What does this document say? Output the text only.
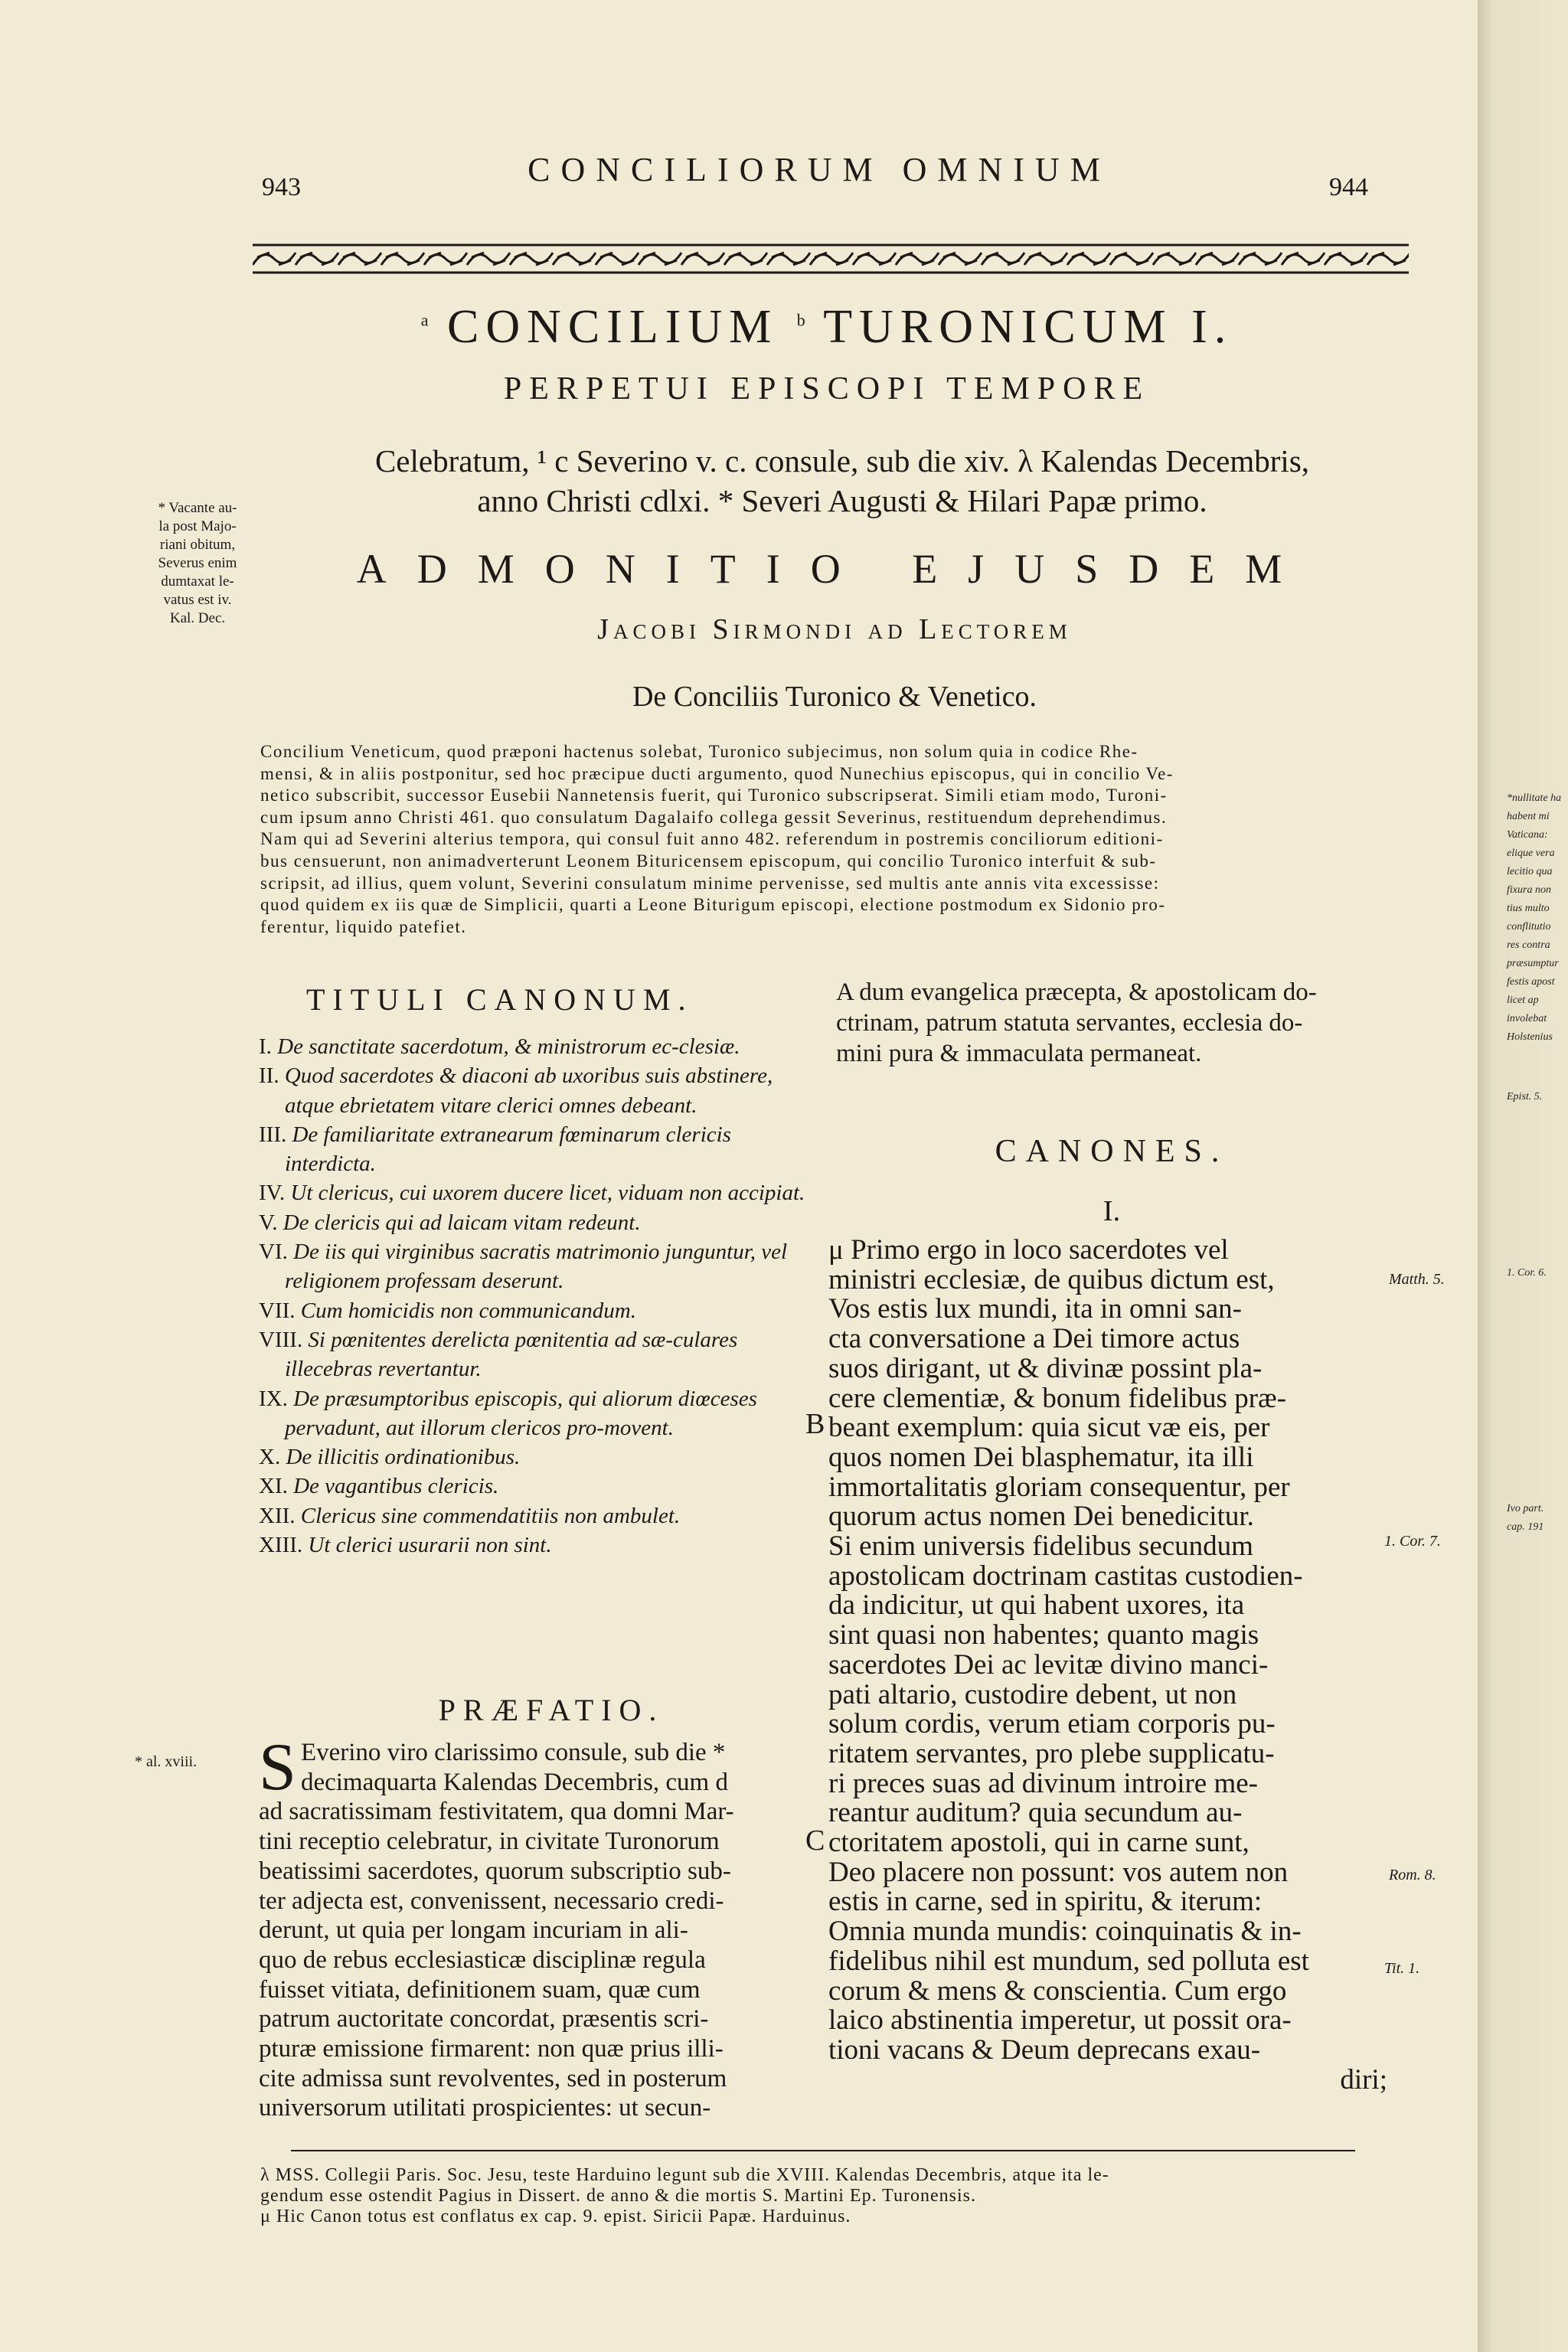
943	CONCILIORUM OMNIUM	944
$^a$ CONCILIUM $^b$ TURONICUM I.
PERPETUI EPISCOPI TEMPORE
Celebratum, ¹ c Severino v. c. consule, sub die xiv. λ Kalendas Decembris,
anno Christi cdlxi. * Severi Augusti & Hilari Papæ primo.
* Vacante au-
la post Majo-
riani obitum,
Severus enim
dumtaxat le-
vatus est iv.
Kal. Dec.
ADMONITIO EJUSDEM
Jacobi Sirmondi ad Lectorem
De Conciliis Turonico & Venetico.
Concilium Veneticum, quod præponi hactenus solebat, Turonico subjecimus, non solum quia in codice Rhe-
mensi, & in aliis postponitur, sed hoc præcipue ducti argumento, quod Nunechius episcopus, qui in concilio Ve-
netico subscribit, successor Eusebii Nannetensis fuerit, qui Turonico subscripserat. Simili etiam modo, Turoni-
cum ipsum anno Christi 461. quo consulatum Dagalaifo collega gessit Severinus, restituendum deprehendimus.
Nam qui ad Severini alterius tempora, qui consul fuit anno 482. referendum in postremis conciliorum editioni-
bus censuerunt, non animadverterunt Leonem Bituricensem episcopum, qui concilio Turonico interfuit & sub-
scripsit, ad illius, quem volunt, Severini consulatum minime pervenisse, sed multis ante annis vita excessisse:
quod quidem ex iis quæ de Simplicii, quarti a Leone Biturigum episcopi, electione postmodum ex Sidonio pro-
ferentur, liquido patefiet.
TITULI CANONUM.
I. De sanctitate sacerdotum, & ministrorum ec-clesiæ.
II. Quod sacerdotes & diaconi ab uxoribus suis abstinere, atque ebrietatem vitare clerici omnes debeant.
III. De familiaritate extranearum fœminarum clericis interdicta.
IV. Ut clericus, cui uxorem ducere licet, viduam non accipiat.
V. De clericis qui ad laicam vitam redeunt.
VI. De iis qui virginibus sacratis matrimonio junguntur, vel religionem professam deserunt.
VII. Cum homicidis non communicandum.
VIII. Si pœnitentes derelicta pœnitentia ad sæ-culares illecebras revertantur.
IX. De præsumptoribus episcopis, qui aliorum diœceses pervadunt, aut illorum clericos pro-movent.
X. De illicitis ordinationibus.
XI. De vagantibus clericis.
XII. Clericus sine commendatitiis non ambulet.
XIII. Ut clerici usurarii non sint.
A dum evangelica præcepta, & apostolicam do-
ctrinam, patrum statuta servantes, ecclesia do-
mini pura & immaculata permaneat.
CANONES.
I.
μ Primo ergo in loco sacerdotes vel
ministri ecclesiæ, de quibus dictum est,
Vos estis lux mundi, ita in omni san-
cta conversatione a Dei timore actus
suos dirigant, ut & divinæ possint pla-
cere clementiæ, & bonum fidelibus præ-
beant exemplum: quia sicut væ eis, per
quos nomen Dei blasphematur, ita illi
immortalitatis gloriam consequentur, per
quorum actus nomen Dei benedicitur.
Si enim universis fidelibus secundum
apostolicam doctrinam castitas custodien-
da indicitur, ut qui habent uxores, ita
sint quasi non habentes; quanto magis
sacerdotes Dei ac levitæ divino manci-
pati altario, custodire debent, ut non
solum cordis, verum etiam corporis pu-
ritatem servantes, pro plebe supplicatu-
ri preces suas ad divinum introire me-
reantur auditum? quia secundum au-
ctoritatem apostoli, qui in carne sunt,
Deo placere non possunt: vos autem non
estis in carne, sed in spiritu, & iterum:
Omnia munda mundis: coinquinatis & in-
fidelibus nihil est mundum, sed polluta est
corum & mens & conscientia. Cum ergo
laico abstinentia imperetur, ut possit ora-
tioni vacans & Deum deprecans exau-
diri;
Matth. 5.
1. Cor. 7.
Rom. 8.
Tit. 1.
B
C
* al. xviii.
PRÆFATIO.
S Everino viro clarissimo consule, sub die *
decimaquarta Kalendas Decembris, cum d
ad sacratissimam festivitatem, qua domni Mar-
tini receptio celebratur, in civitate Turonorum
beatissimi sacerdotes, quorum subscriptio sub-
ter adjecta est, convenissent, necessario credi-
derunt, ut quia per longam incuriam in ali-
quo de rebus ecclesiasticæ disciplinæ regula
fuisset vitiata, definitionem suam, quæ cum
patrum auctoritate concordat, præsentis scri-
pturæ emissione firmarent: non quæ prius illi-
cite admissa sunt revolventes, sed in posterum
universorum utilitati prospicientes: ut secun-
λ MSS. Collegii Paris. Soc. Jesu, teste Harduino legunt sub die XVIII. Kalendas Decembris, atque ita le-
gendum esse ostendit Pagius in Dissert. de anno & die mortis S. Martini Ep. Turonensis.
μ Hic Canon totus est conflatus ex cap. 9. epist. Siricii Papæ. Harduinus.
*nullitate ha
habent mi
Vaticana:
elique vera
lecitio qua
fixura non
tius multo
conflitutio
res contra
præsumptur
festis apost
licet ap
involebat
Holstenius
Epist. 5.
1. Cor. 6.
Ivo part.
cap. 191
